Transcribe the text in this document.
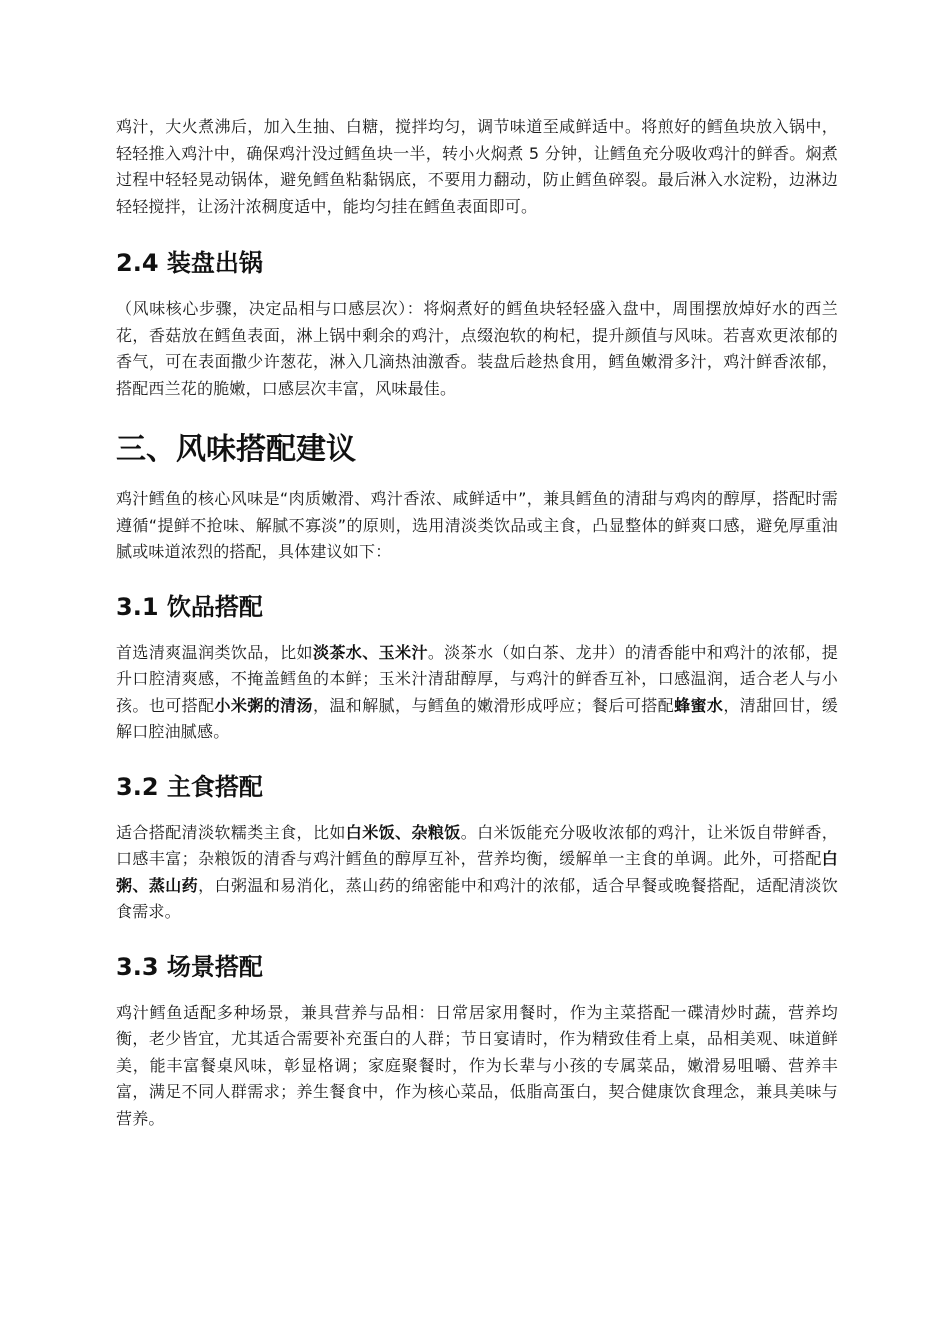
鸡汁，大火煮沸后，加入生抽、白糖，搅拌均匀，调节味道至咸鲜适中。将煎好的鳕鱼块放入锅中，轻轻推入鸡汁中，确保鸡汁没过鳕鱼块一半，转小火焖煮 5 分钟，让鳕鱼充分吸收鸡汁的鲜香。焖煮过程中轻轻晃动锅体，避免鳕鱼粘黏锅底，不要用力翻动，防止鳕鱼碎裂。最后淋入水淀粉，边淋边轻轻搅拌，让汤汁浓稠度适中，能均匀挂在鳕鱼表面即可。

2.4 装盘出锅

（风味核心步骤，决定品相与口感层次）：将焖煮好的鳕鱼块轻轻盛入盘中，周围摆放焯好水的西兰花，香菇放在鳕鱼表面，淋上锅中剩余的鸡汁，点缀泡软的枸杞，提升颜值与风味。若喜欢更浓郁的香气，可在表面撒少许葱花，淋入几滴热油激香。装盘后趁热食用，鳕鱼嫩滑多汁，鸡汁鲜香浓郁，搭配西兰花的脆嫩，口感层次丰富，风味最佳。

三、风味搭配建议

鸡汁鳕鱼的核心风味是“肉质嫩滑、鸡汁香浓、咸鲜适中”，兼具鳕鱼的清甜与鸡肉的醇厚，搭配时需遵循“提鲜不抢味、解腻不寡淡”的原则，选用清淡类饮品或主食，凸显整体的鲜爽口感，避免厚重油腻或味道浓烈的搭配，具体建议如下：

3.1 饮品搭配

首选清爽温润类饮品，比如淡茶水、玉米汁。淡茶水（如白茶、龙井）的清香能中和鸡汁的浓郁，提升口腔清爽感，不掩盖鳕鱼的本鲜；玉米汁清甜醇厚，与鸡汁的鲜香互补，口感温润，适合老人与小孩。也可搭配小米粥的清汤，温和解腻，与鳕鱼的嫩滑形成呼应；餐后可搭配蜂蜜水，清甜回甘，缓解口腔油腻感。

3.2 主食搭配

适合搭配清淡软糯类主食，比如白米饭、杂粮饭。白米饭能充分吸收浓郁的鸡汁，让米饭自带鲜香，口感丰富；杂粮饭的清香与鸡汁鳕鱼的醇厚互补，营养均衡，缓解单一主食的单调。此外，可搭配白粥、蒸山药，白粥温和易消化，蒸山药的绵密能中和鸡汁的浓郁，适合早餐或晚餐搭配，适配清淡饮食需求。

3.3 场景搭配

鸡汁鳕鱼适配多种场景，兼具营养与品相：日常居家用餐时，作为主菜搭配一碟清炒时蔬，营养均衡，老少皆宜，尤其适合需要补充蛋白的人群；节日宴请时，作为精致佳肴上桌，品相美观、味道鲜美，能丰富餐桌风味，彰显格调；家庭聚餐时，作为长辈与小孩的专属菜品，嫩滑易咀嚼、营养丰富，满足不同人群需求；养生餐食中，作为核心菜品，低脂高蛋白，契合健康饮食理念，兼具美味与营养。
